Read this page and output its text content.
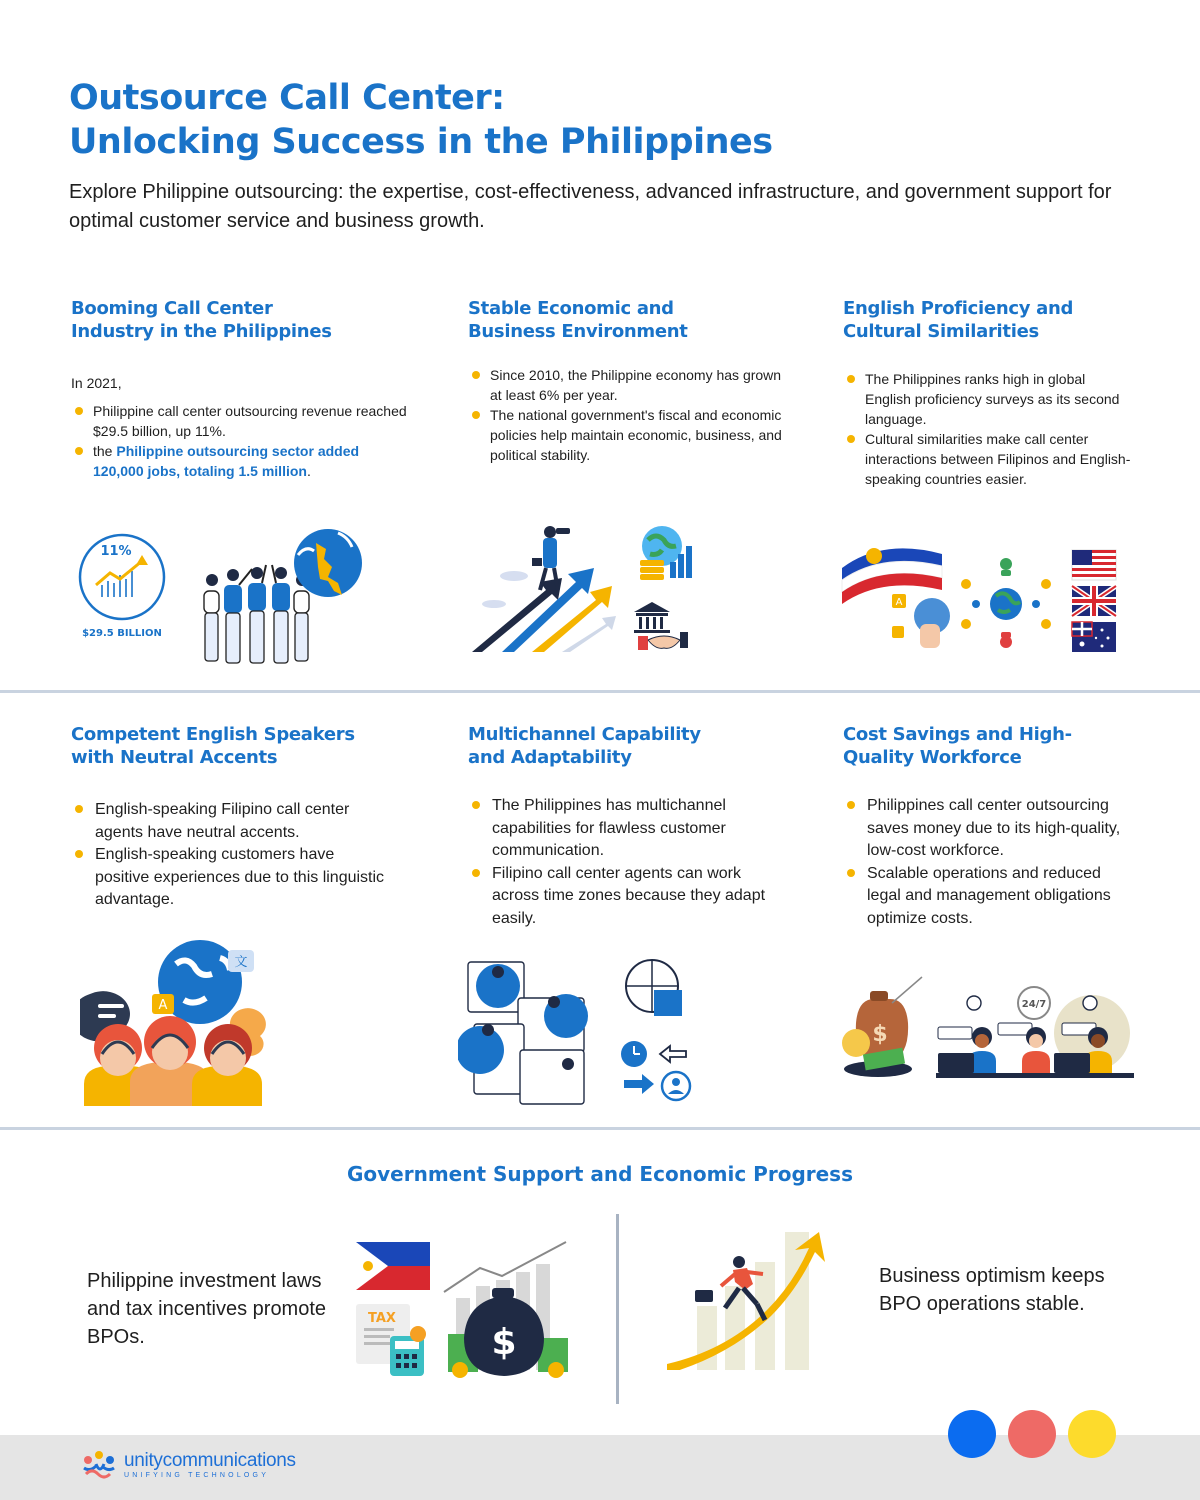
Outsource Call Center:
Unlocking Success in the Philippines

Explore Philippine outsourcing: the expertise, cost-effectiveness, advanced infrastructure, and government support for optimal customer service and business growth.

Booming Call Center
Industry in the Philippines
In 2021,
Philippine call center outsourcing revenue reached $29.5 billion, up 11%.
the Philippine outsourcing sector added 120,000 jobs, totaling 1.5 million.
Stable Economic and
Business Environment
Since 2010, the Philippine economy has grown at least 6% per year.
The national government's fiscal and economic policies help maintain economic, business, and political stability.
English Proficiency and
Cultural Similarities
The Philippines ranks high in global English proficiency surveys as its second language.
Cultural similarities make call center interactions between Filipinos and English-speaking countries easier.
11%
$29.5 BILLION
A
Competent English Speakers
with Neutral Accents
English-speaking Filipino call center agents have neutral accents.
English-speaking customers have positive experiences due to this linguistic advantage.
Multichannel Capability
and Adaptability
The Philippines has multichannel capabilities for flawless customer communication.
Filipino call center agents can work across time zones because they adapt easily.
Cost Savings and High-
Quality Workforce
Philippines call center outsourcing saves money due to its high-quality, low-cost workforce.
Scalable operations and reduced legal and management obligations optimize costs.
文
A
$
24/7
Government Support and Economic Progress
Philippine investment laws and tax incentives promote BPOs.
TAX
$
Business optimism keeps BPO operations stable.
unitycommunications
UNIFYING TECHNOLOGY
